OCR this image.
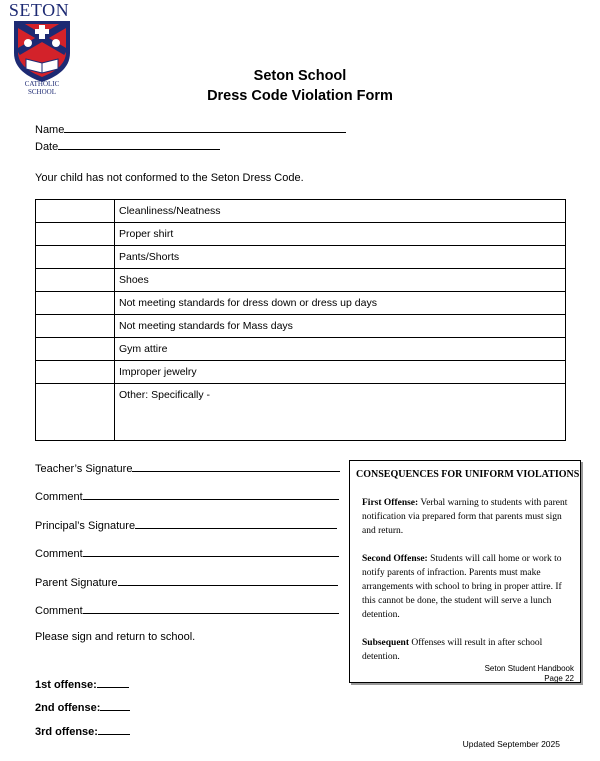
SETON
CATHOLIC SCHOOL
Seton School
Dress Code Violation Form
Name
Date
Your child has not conformed to the Seton Dress Code.
	Cleanliness/Neatness
	Proper shirt
	Pants/Shorts
	Shoes
	Not meeting standards for dress down or dress up days
	Not meeting standards for Mass days
	Gym attire
	Improper jewelry
	Other: Specifically -
Teacher’s Signature
Comment
Principal’s Signature
Comment
Parent Signature
Comment
Please sign and return to school.
CONSEQUENCES FOR UNIFORM VIOLATIONS

First Offense: Verbal warning to students with parent notification via prepared form that parents must sign and return.

Second Offense: Students will call home or work to notify parents of infraction. Parents must make arrangements with school to bring in proper attire. If this cannot be done, the student will serve a lunch detention.

Subsequent Offenses will result in after school detention.

Seton Student Handbook
Page 22
1st offense:
2nd offense:
3rd offense:
Updated September 2025
